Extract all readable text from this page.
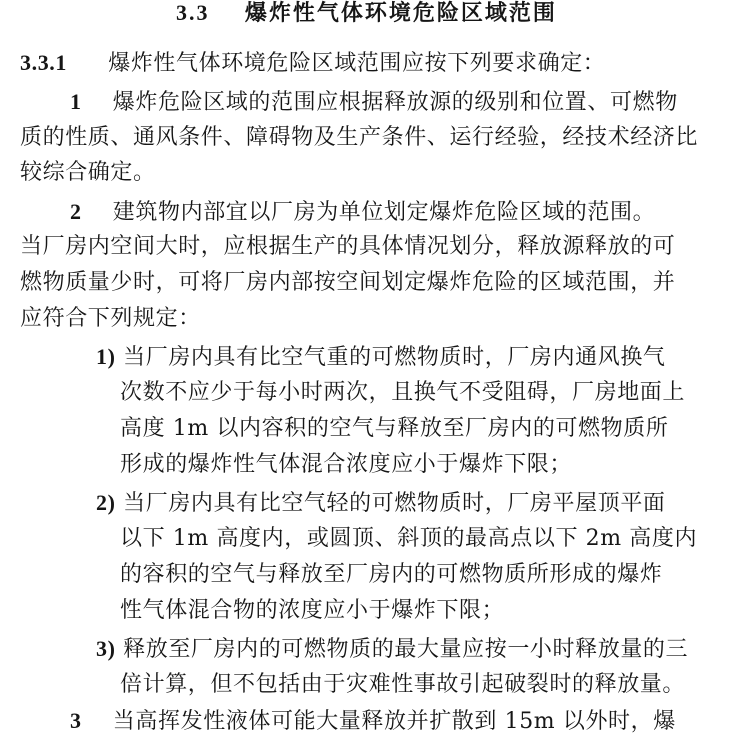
3.3 爆炸性气体环境危险区域范围
3.3.1 爆炸性气体环境危险区域范围应按下列要求确定：
1 爆炸危险区域的范围应根据释放源的级别和位置、可燃物
质的性质、通风条件、障碍物及生产条件、运行经验，经技术经济比
较综合确定。
2 建筑物内部宜以厂房为单位划定爆炸危险区域的范围。
当厂房内空间大时，应根据生产的具体情况划分，释放源释放的可
燃物质量少时，可将厂房内部按空间划定爆炸危险的区域范围，并
应符合下列规定：
1) 当厂房内具有比空气重的可燃物质时，厂房内通风换气
次数不应少于每小时两次，且换气不受阻碍，厂房地面上
高度 1m 以内容积的空气与释放至厂房内的可燃物质所
形成的爆炸性气体混合浓度应小于爆炸下限；
2) 当厂房内具有比空气轻的可燃物质时，厂房平屋顶平面
以下 1m 高度内，或圆顶、斜顶的最高点以下 2m 高度内
的容积的空气与释放至厂房内的可燃物质所形成的爆炸
性气体混合物的浓度应小于爆炸下限；
3) 释放至厂房内的可燃物质的最大量应按一小时释放量的三
倍计算，但不包括由于灾难性事故引起破裂时的释放量。
3 当高挥发性液体可能大量释放并扩散到 15m 以外时，爆
